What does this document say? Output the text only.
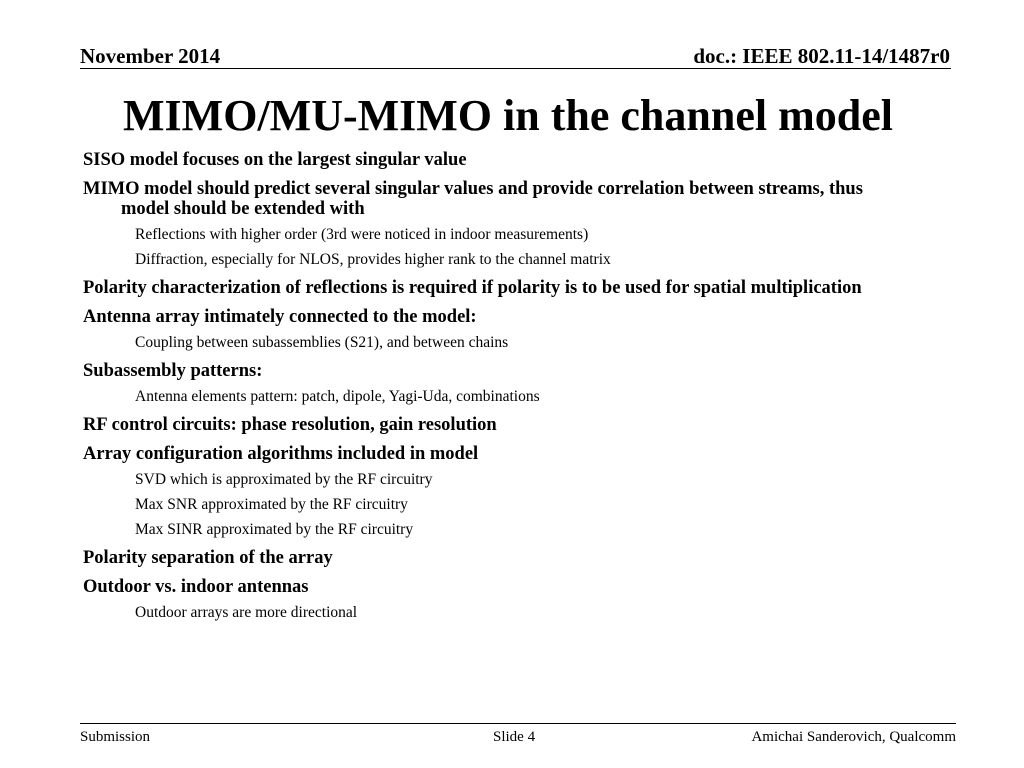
November 2014	doc.: IEEE 802.11-14/1487r0
MIMO/MU-MIMO in the channel model
SISO model focuses on the largest singular value
MIMO model should predict several singular values and provide correlation between streams, thus model should be extended with
Reflections with higher order (3rd were noticed in indoor measurements)
Diffraction, especially for NLOS, provides higher rank to the channel matrix
Polarity characterization of reflections is required if polarity is to be used for spatial multiplication
Antenna array intimately connected to the model:
Coupling between subassemblies (S21), and between chains
Subassembly patterns:
Antenna elements pattern: patch, dipole, Yagi-Uda, combinations
RF control circuits: phase resolution, gain resolution
Array configuration algorithms included in model
SVD which is approximated by the RF circuitry
Max SNR approximated by the RF circuitry
Max SINR approximated by the RF circuitry
Polarity separation of the array
Outdoor vs. indoor antennas
Outdoor arrays are more directional
Submission	Slide 4	Amichai Sanderovich, Qualcomm
